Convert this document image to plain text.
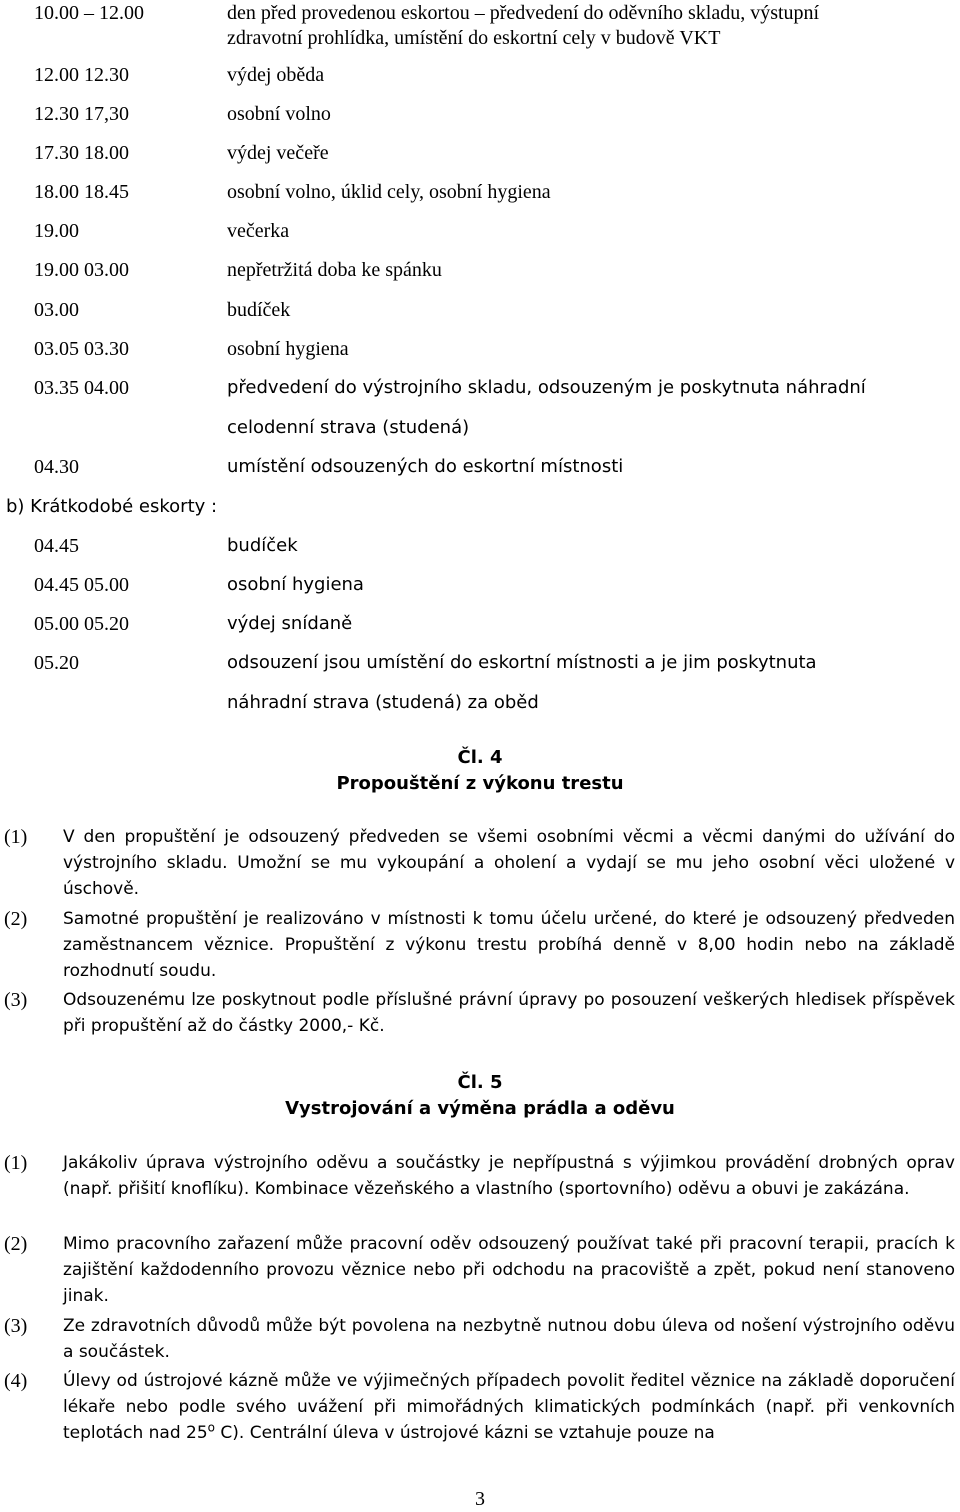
10.00 – 12.00	den před provedenou eskortou – předvedení do oděvního skladu, výstupní
zdravotní prohlídka, umístění do eskortní cely v budově VKT
12.00 12.30	výdej oběda
12.30 17,30	osobní volno
17.30 18.00	výdej večeře
18.00 18.45	osobní volno, úklid cely, osobní hygiena
19.00	večerka
19.00 03.00	nepřetržitá doba ke spánku
03.00	budíček
03.05 03.30	osobní hygiena
03.35 04.00	předvedení do výstrojního skladu, odsouzeným je poskytnuta náhradní
celodenní strava (studená)
04.30	umístění odsouzených do eskortní místnosti
b) Krátkodobé eskorty :
04.45	budíček
04.45 05.00	osobní hygiena
05.00 05.20	výdej snídaně
05.20	odsouzení jsou umístění do eskortní místnosti a je jim poskytnuta
náhradní strava (studená) za oběd
Čl. 4
Propouštění z výkonu trestu
(1) V den propuštění je odsouzený předveden se všemi osobními věcmi a věcmi danými do užívání do výstrojního skladu. Umožní se mu vykoupání a oholení a vydají se mu jeho osobní věci uložené v úschově.
(2) Samotné propuštění je realizováno v místnosti k tomu účelu určené, do které je odsouzený předveden zaměstnancem věznice. Propuštění z výkonu trestu probíhá denně v 8,00 hodin nebo na základě rozhodnutí soudu.
(3) Odsouzenému lze poskytnout podle příslušné právní úpravy po posouzení veškerých hledisek příspěvek při propuštění až do částky 2000,- Kč.
Čl. 5
Vystrojování a výměna prádla a oděvu
(1) Jakákoliv úprava výstrojního oděvu a součástky je nepřípustná s výjimkou provádění drobných oprav (např. přišití knoflíku). Kombinace vězeňského a vlastního (sportovního) oděvu a obuvi je zakázána.
(2) Mimo pracovního zařazení může pracovní oděv odsouzený používat také při pracovní terapii, pracích k zajištění každodenního provozu věznice nebo při odchodu na pracoviště a zpět, pokud není stanoveno jinak.
(3) Ze zdravotních důvodů může být povolena na nezbytně nutnou dobu úleva od nošení výstrojního oděvu a součástek.
(4) Úlevy od ústrojové kázně může ve výjimečných případech povolit ředitel věznice na základě doporučení lékaře nebo podle svého uvážení při mimořádných klimatických podmínkách (např. při venkovních teplotách nad 25$^o$ C). Centrální úleva v ústrojové kázni se vztahuje pouze na
3
